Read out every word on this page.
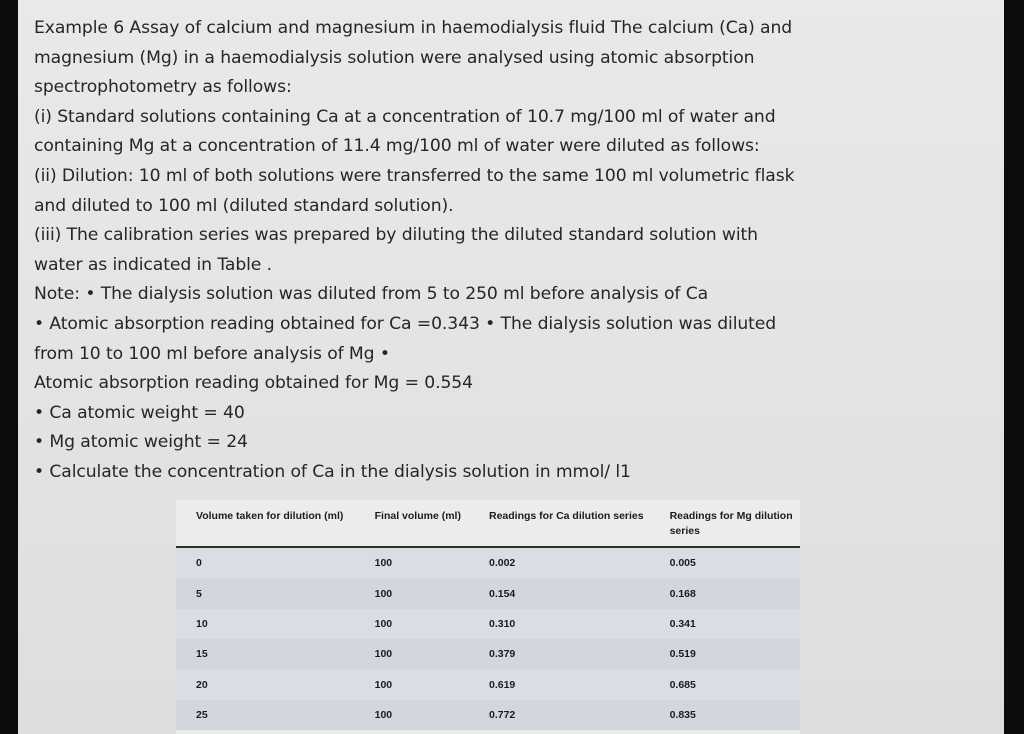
Example 6 Assay of calcium and magnesium in haemodialysis fluid The calcium (Ca) and
magnesium (Mg) in a haemodialysis solution were analysed using atomic absorption
spectrophotometry as follows:
(i) Standard solutions containing Ca at a concentration of 10.7 mg/100 ml of water and
containing Mg at a concentration of 11.4 mg/100 ml of water were diluted as follows:
(ii) Dilution: 10 ml of both solutions were transferred to the same 100 ml volumetric flask
and diluted to 100 ml (diluted standard solution).
(iii) The calibration series was prepared by diluting the diluted standard solution with
water as indicated in Table .
Note: • The dialysis solution was diluted from 5 to 250 ml before analysis of Ca
• Atomic absorption reading obtained for Ca =0.343 • The dialysis solution was diluted
from 10 to 100 ml before analysis of Mg •
Atomic absorption reading obtained for Mg = 0.554
• Ca atomic weight = 40
• Mg atomic weight = 24
• Calculate the concentration of Ca in the dialysis solution in mmol/ l1
Volume taken for dilution (ml)	Final volume (ml)	Readings for Ca dilution series	Readings for Mg dilution series
0	100	0.002	0.005
5	100	0.154	0.168
10	100	0.310	0.341
15	100	0.379	0.519
20	100	0.619	0.685
25	100	0.772	0.835
